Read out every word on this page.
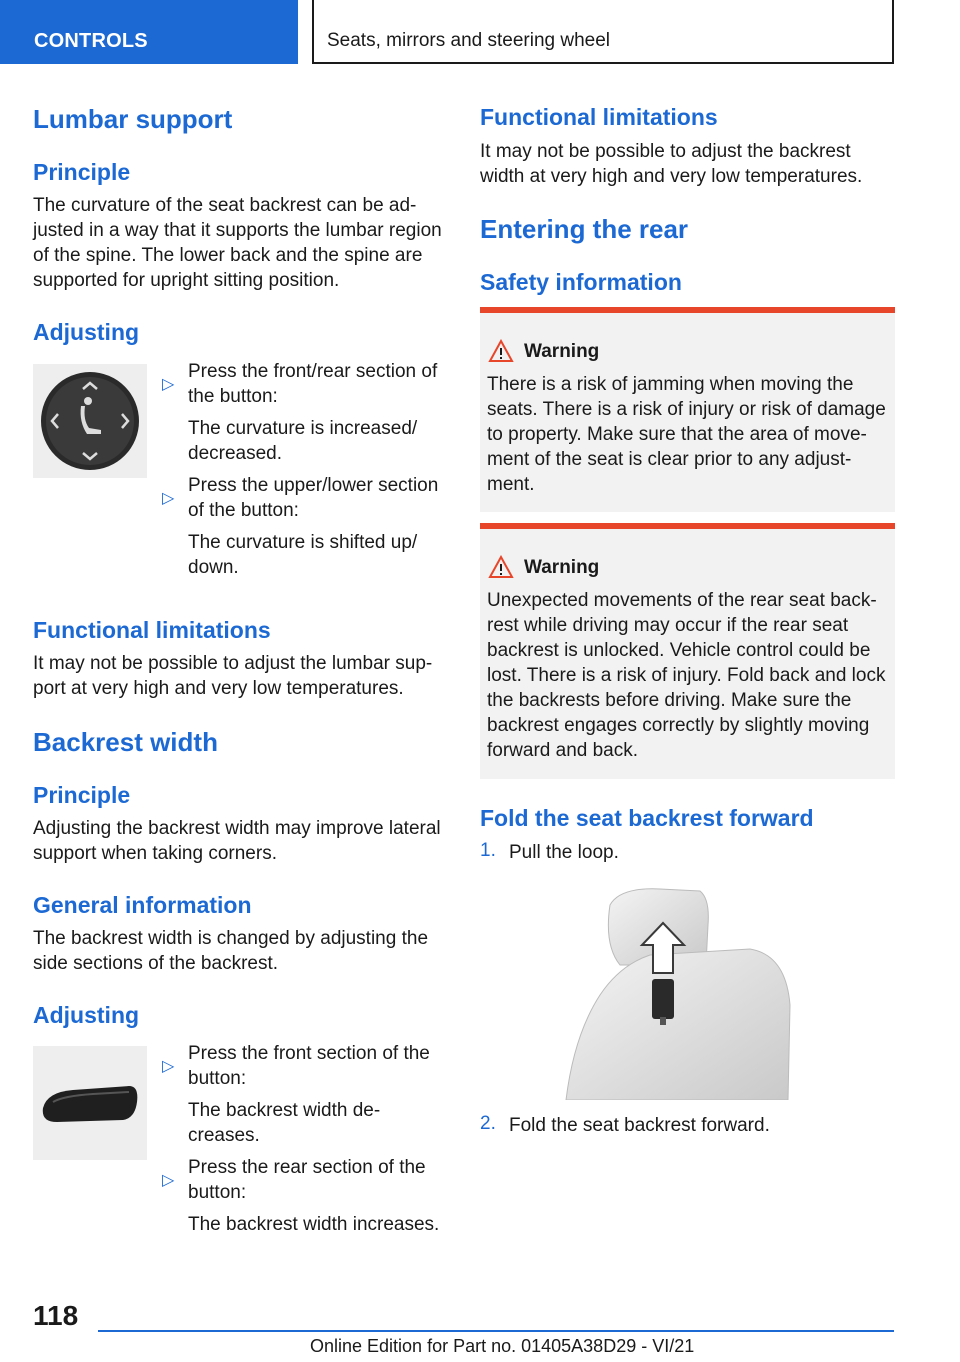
CONTROLS	Seats, mirrors and steering wheel
Lumbar support
Principle

The curvature of the seat backrest can be ad‐

justed in a way that it supports the lumbar region

of the spine. The lower back and the spine are

supported for upright sitting position.

Adjusting
▷
Press the front/rear section of
the button:
The curvature is increased/
decreased.
▷
Press the upper/lower section
of the button:
The curvature is shifted up/
down.
Functional limitations

It may not be possible to adjust the lumbar sup‐

port at very high and very low temperatures.

Backrest width
Principle

Adjusting the backrest width may improve lateral

support when taking corners.

General information

The backrest width is changed by adjusting the

side sections of the backrest.

Adjusting
▷
Press the front section of the
button:
The backrest width de‐
creases.
▷
Press the rear section of the
button:
The backrest width increases.
Functional limitations

It may not be possible to adjust the backrest

width at very high and very low temperatures.

Entering the rear
Safety information
Warning
There is a risk of jamming when moving the
seats. There is a risk of injury or risk of damage
to property. Make sure that the area of move‐
ment of the seat is clear prior to any adjust‐
ment.
Warning
Unexpected movements of the rear seat back‐
rest while driving may occur if the rear seat
backrest is unlocked. Vehicle control could be
lost. There is a risk of injury. Fold back and lock
the backrests before driving. Make sure the
backrest engages correctly by slightly moving
forward and back.
Fold the seat backrest forward
1. Pull the loop.
2. Fold the seat backrest forward.
118
Online Edition for Part no. 01405A38D29 - VI/21
